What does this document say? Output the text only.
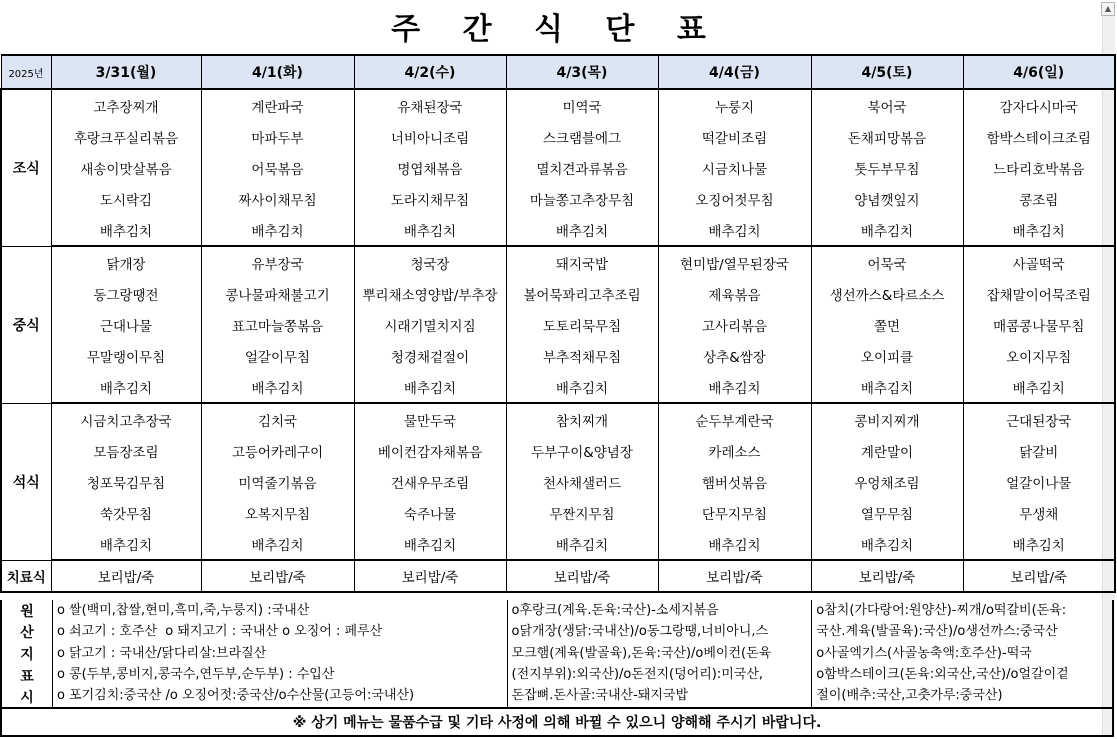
주 간 식 단 표
▲
2025년	3/31(월)	4/1(화)	4/2(수)	4/3(목)	4/4(금)	4/5(토)	4/6(일)
조식	고추장찌개	계란파국	유채된장국	미역국	누룽지	북어국	감자다시마국
	후랑크푸실리볶음	마파두부	너비아니조림	스크램블에그	떡갈비조림	돈채피망볶음	함박스테이크조림
	새송이맛살볶음	어묵볶음	명엽채볶음	멸치견과류볶음	시금치나물	톳두부무침	느타리호박볶음
	도시락김	짜사이채무침	도라지채무침	마늘쫑고추장무침	오징어젓무침	양념깻잎지	콩조림
	배추김치	배추김치	배추김치	배추김치	배추김치	배추김치	배추김치
중식	닭개장	유부장국	청국장	돼지국밥	현미밥/열무된장국	어묵국	사골떡국
	동그랑땡전	콩나물파채불고기	뿌리채소영양밥/부추장	볼어묵꽈리고추조림	제육볶음	생선까스&타르소스	잡채말이어묵조림
	근대나물	표고마늘쫑볶음	시래기멸치지짐	도토리묵무침	고사리볶음	쫄면	매콤콩나물무침
	무말랭이무침	얼갈이무침	청경채겉절이	부추적채무침	상추&쌈장	오이피클	오이지무침
	배추김치	배추김치	배추김치	배추김치	배추김치	배추김치	배추김치
석식	시금치고추장국	김치국	물만두국	참치찌개	순두부계란국	콩비지찌개	근대된장국
	모듬장조림	고등어카레구이	베이컨감자채볶음	두부구이&양념장	카레소스	계란말이	닭갈비
	청포묵김무침	미역줄기볶음	건새우무조림	천사채샐러드	햄버섯볶음	우엉채조림	얼갈이나물
	쑥갓무침	오복지무침	숙주나물	무짠지무침	단무지무침	열무무침	무생채
	배추김치	배추김치	배추김치	배추김치	배추김치	배추김치	배추김치
치료식	보리밥/죽	보리밥/죽	보리밥/죽	보리밥/죽	보리밥/죽	보리밥/죽	보리밥/죽
원
산
지
표
시
o 쌀(백미,찹쌀,현미,흑미,죽,누룽지) :국내산
o 쇠고기 : 호주산  o 돼지고기 : 국내산 o 오징어 : 페루산
o 닭고기 : 국내산/닭다리살:브라질산
o 콩(두부,콩비지,콩국수,연두부,순두부) : 수입산
o 포기김치:중국산 /o 오징어젓:중국산/o수산물(고등어:국내산)
o후랑크(계육.돈육:국산)-소세지볶음
o닭개장(생닭:국내산)/o동그랑땡,너비아니,스
모크햄(계육(발골육),돈육:국산)/o베이컨(돈육
(전지부위):외국산)/o돈전지(덩어리):미국산,
돈잡뼈.돈사골:국내산-돼지국밥
o참치(가다랑어:원양산)-찌개/o떡갈비(돈육:
국산.계육(발골육):국산)/o생선까스:중국산
o사골엑기스(사골농축액:호주산)-떡국
o함박스테이크(돈육:외국산,국산)/o얼갈이겉
절이(배추:국산,고춧가루:중국산)
※ 상기 메뉴는 물품수급 및 기타 사정에 의해 바뀔 수 있으니 양해해 주시기 바랍니다.
